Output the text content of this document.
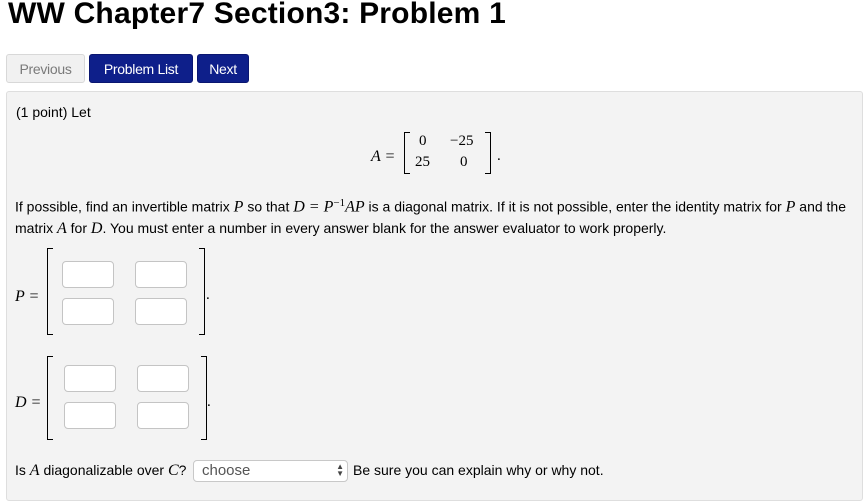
WW Chapter7 Section3: Problem 1
Previous	Problem List	Next
(1 point) Let
A =
0 −25
25 0 .
If possible, find an invertible matrix P so that $D = P^{-1}AP$ is a diagonal matrix. If it is not possible, enter the identity matrix for P and the matrix A for D. You must enter a number in every answer blank for the answer evaluator to work properly.
P =	.
D =	.
Is A diagonalizable over C? choose	▲
▼ Be sure you can explain why or why not.
